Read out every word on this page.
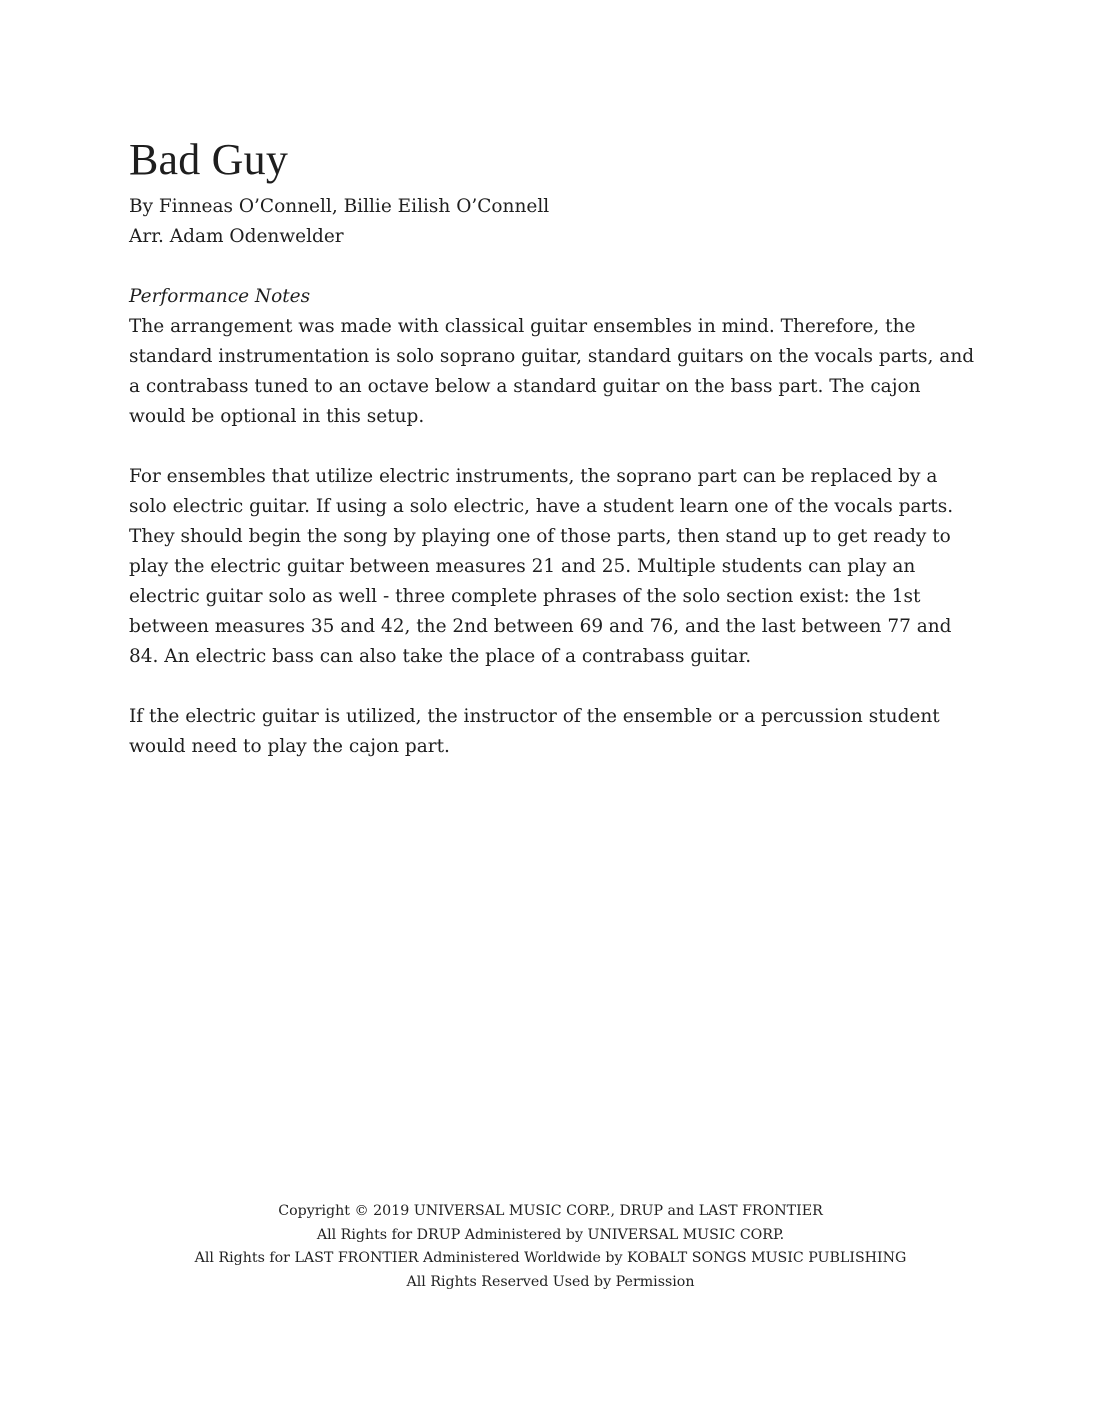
Bad Guy
By Finneas O’Connell, Billie Eilish O’Connell
Arr. Adam Odenwelder
Performance Notes

The arrangement was made with classical guitar ensembles in mind. Therefore, the standard instrumentation is solo soprano guitar, standard guitars on the vocals parts, and a contrabass tuned to an octave below a standard guitar on the bass part. The cajon would be optional in this setup.

For ensembles that utilize electric instruments, the soprano part can be replaced by a solo electric guitar. If using a solo electric, have a student learn one of the vocals parts. They should begin the song by playing one of those parts, then stand up to get ready to play the electric guitar between measures 21 and 25. Multiple students can play an electric guitar solo as well - three complete phrases of the solo section exist: the 1st between measures 35 and 42, the 2nd between 69 and 76, and the last between 77 and 84. An electric bass can also take the place of a contrabass guitar.

If the electric guitar is utilized, the instructor of the ensemble or a percussion student would need to play the cajon part.

Copyright © 2019 UNIVERSAL MUSIC CORP., DRUP and LAST FRONTIER
All Rights for DRUP Administered by UNIVERSAL MUSIC CORP.
All Rights for LAST FRONTIER Administered Worldwide by KOBALT SONGS MUSIC PUBLISHING
All Rights Reserved Used by Permission
